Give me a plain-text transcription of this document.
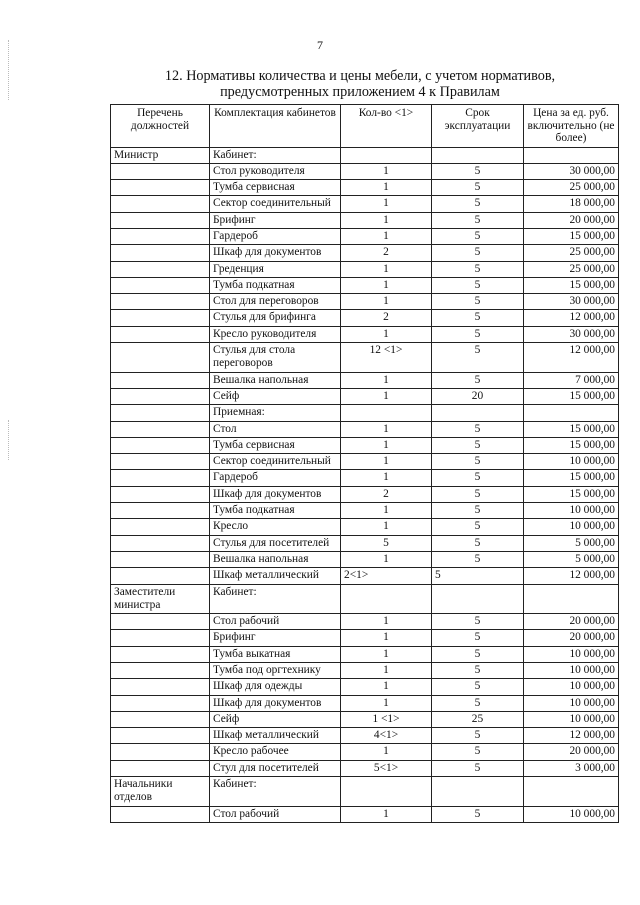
7
12. Нормативы количества и цены мебели, с учетом нормативов,
предусмотренных приложением 4 к Правилам
Перечень должностей	Комплектация кабинетов	Кол-во <1>	Срок эксплуатации	Цена за ед. руб. включительно (не более)
Министр	Кабинет:			
	Стол руководителя	1	5	30 000,00
	Тумба сервисная	1	5	25 000,00
	Сектор соединительный	1	5	18 000,00
	Брифинг	1	5	20 000,00
	Гардероб	1	5	15 000,00
	Шкаф для документов	2	5	25 000,00
	Греденция	1	5	25 000,00
	Тумба подкатная	1	5	15 000,00
	Стол для переговоров	1	5	30 000,00
	Стулья для брифинга	2	5	12 000,00
	Кресло руководителя	1	5	30 000,00
	Стулья для стола переговоров	12 <1>	5	12 000,00
	Вешалка напольная	1	5	7 000,00
	Сейф	1	20	15 000,00
	Приемная:			
	Стол	1	5	15 000,00
	Тумба сервисная	1	5	15 000,00
	Сектор соединительный	1	5	10 000,00
	Гардероб	1	5	15 000,00
	Шкаф для документов	2	5	15 000,00
	Тумба подкатная	1	5	10 000,00
	Кресло	1	5	10 000,00
	Стулья для посетителей	5	5	5 000,00
	Вешалка напольная	1	5	5 000,00
	Шкаф металлический	2<1>	5	12 000,00
Заместители министра	Кабинет:			
	Стол рабочий	1	5	20 000,00
	Брифинг	1	5	20 000,00
	Тумба выкатная	1	5	10 000,00
	Тумба под оргтехнику	1	5	10 000,00
	Шкаф для одежды	1	5	10 000,00
	Шкаф для документов	1	5	10 000,00
	Сейф	1 <1>	25	10 000,00
	Шкаф металлический	4<1>	5	12 000,00
	Кресло рабочее	1	5	20 000,00
	Стул для посетителей	5<1>	5	3 000,00
Начальники отделов	Кабинет:			
	Стол рабочий	1	5	10 000,00
